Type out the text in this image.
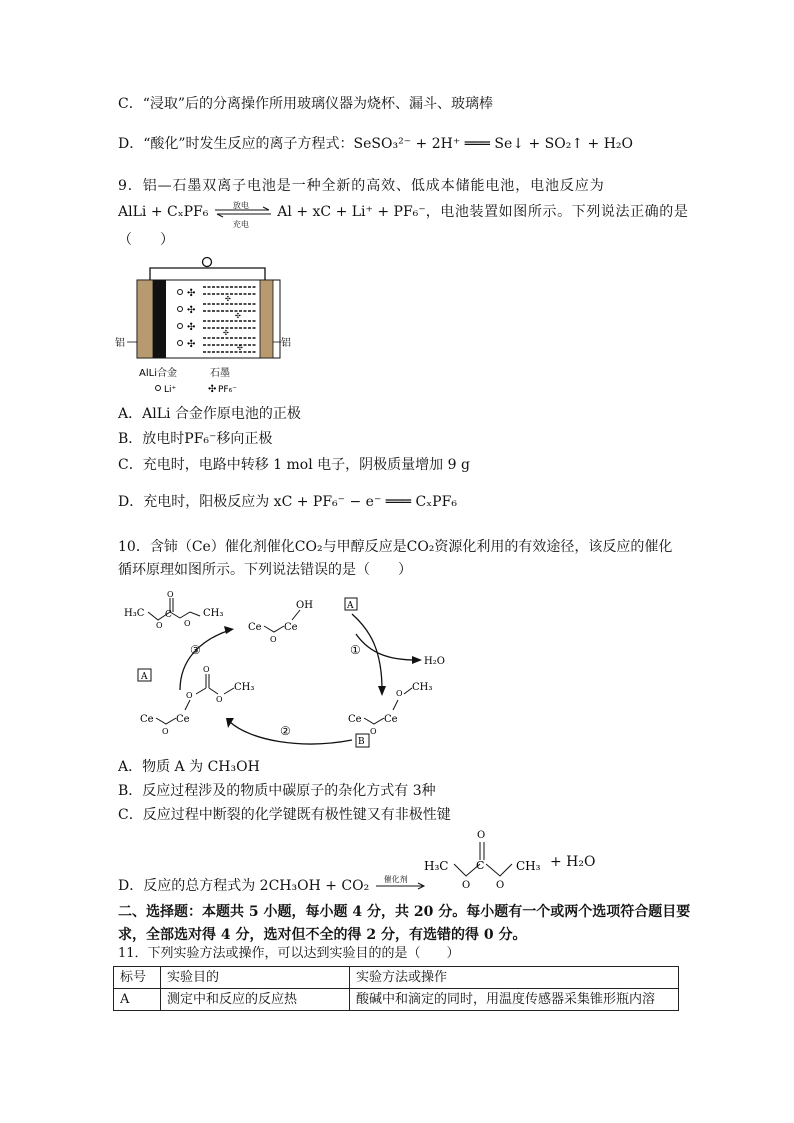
C．“浸取”后的分离操作所用玻璃仪器为烧杯、漏斗、玻璃棒
D．“酸化”时发生反应的离子方程式：SeSO₃²⁻ + 2H⁺ ═══ Se↓ + SO₂↑ + H₂O
9．铝—石墨双离子电池是一种全新的高效、低成本储能电池，电池反应为
AlLi + CₓPF₆	放电
充电
Al + xC + Li⁺ + PF₆⁻，电池装置如图所示。下列说法正确的是
（　　）
✣
✣
✣
✣
✣
✣
✣
✣
铝	铝
AlLi合金	石墨
Li⁺	✣ PF₆⁻
A．AlLi 合金作原电池的正极
B．放电时PF₆⁻移向正极
C．充电时，电路中转移 1 mol 电子，阴极质量增加 9 g
D．充电时，阳极反应为 xC + PF₆⁻ − e⁻ ═══ CₓPF₆
10．含铈（Ce）催化剂催化CO₂与甲醇反应是CO₂资源化利用的有效途径，该反应的催化
循环原理如图所示。下列说法错误的是（　　）
H₃C
O
O
C
O
CH₃
Ce
O
Ce
OH	A
Ce
O
Ce
O
CH₃
B
Ce
O
Ce
O
O
O
CH₃
A
H₂O
①
②
③
A．物质 A 为 CH₃OH
B．反应过程涉及的物质中碳原子的杂化方式有 3种
C．反应过程中断裂的化学键既有极性键又有非极性键
D．反应的总方程式为 2CH₃OH + CO₂ 催化剂
H₃C
O
C
O
O
CH₃ + H₂O
二、选择题：本题共 5 小题，每小题 4 分，共 20 分。每小题有一个或两个选项符合题目要
求，全部选对得 4 分，选对但不全的得 2 分，有选错的得 0 分。
11．下列实验方法或操作，可以达到实验目的的是（　　）
标号	实验目的	实验方法或操作
A	测定中和反应的反应热	酸碱中和滴定的同时，用温度传感器采集锥形瓶内溶
